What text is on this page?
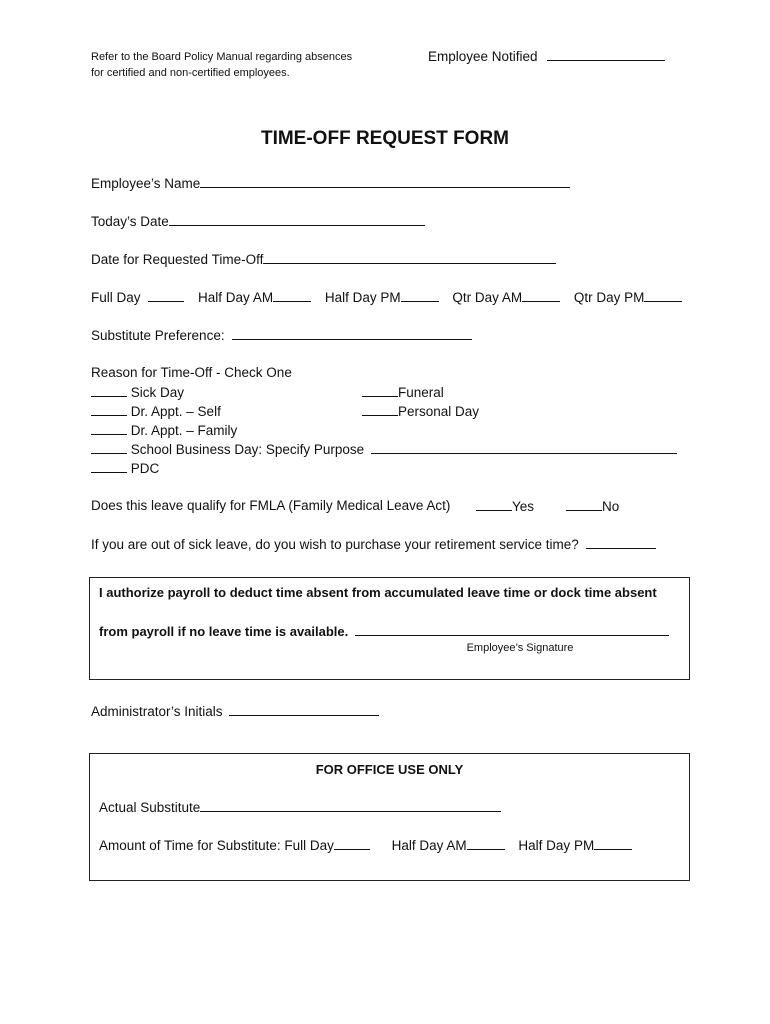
Refer to the Board Policy Manual regarding absences
for certified and non-certified employees.
Employee Notified
TIME-OFF REQUEST FORM
Employee’s Name
Today’s Date
Date for Requested Time-Off
Full Day	Half Day AM	Half Day PM	Qtr Day AM	Qtr Day PM
Substitute Preference:
Reason for Time-Off - Check One
Sick Day
Dr. Appt. – Self
Dr. Appt. – Family
School Business Day: Specify Purpose
PDC
Funeral
Personal Day
Does this leave qualify for FMLA (Family Medical Leave Act)	Yes	No
If you are out of sick leave, do you wish to purchase your retirement service time?
I authorize payroll to deduct time absent from accumulated leave time or dock time absent
from payroll if no leave time is available.
Employee’s Signature
Administrator’s Initials
FOR OFFICE USE ONLY
Actual Substitute
Amount of Time for Substitute: Full Day	Half Day AM	Half Day PM
